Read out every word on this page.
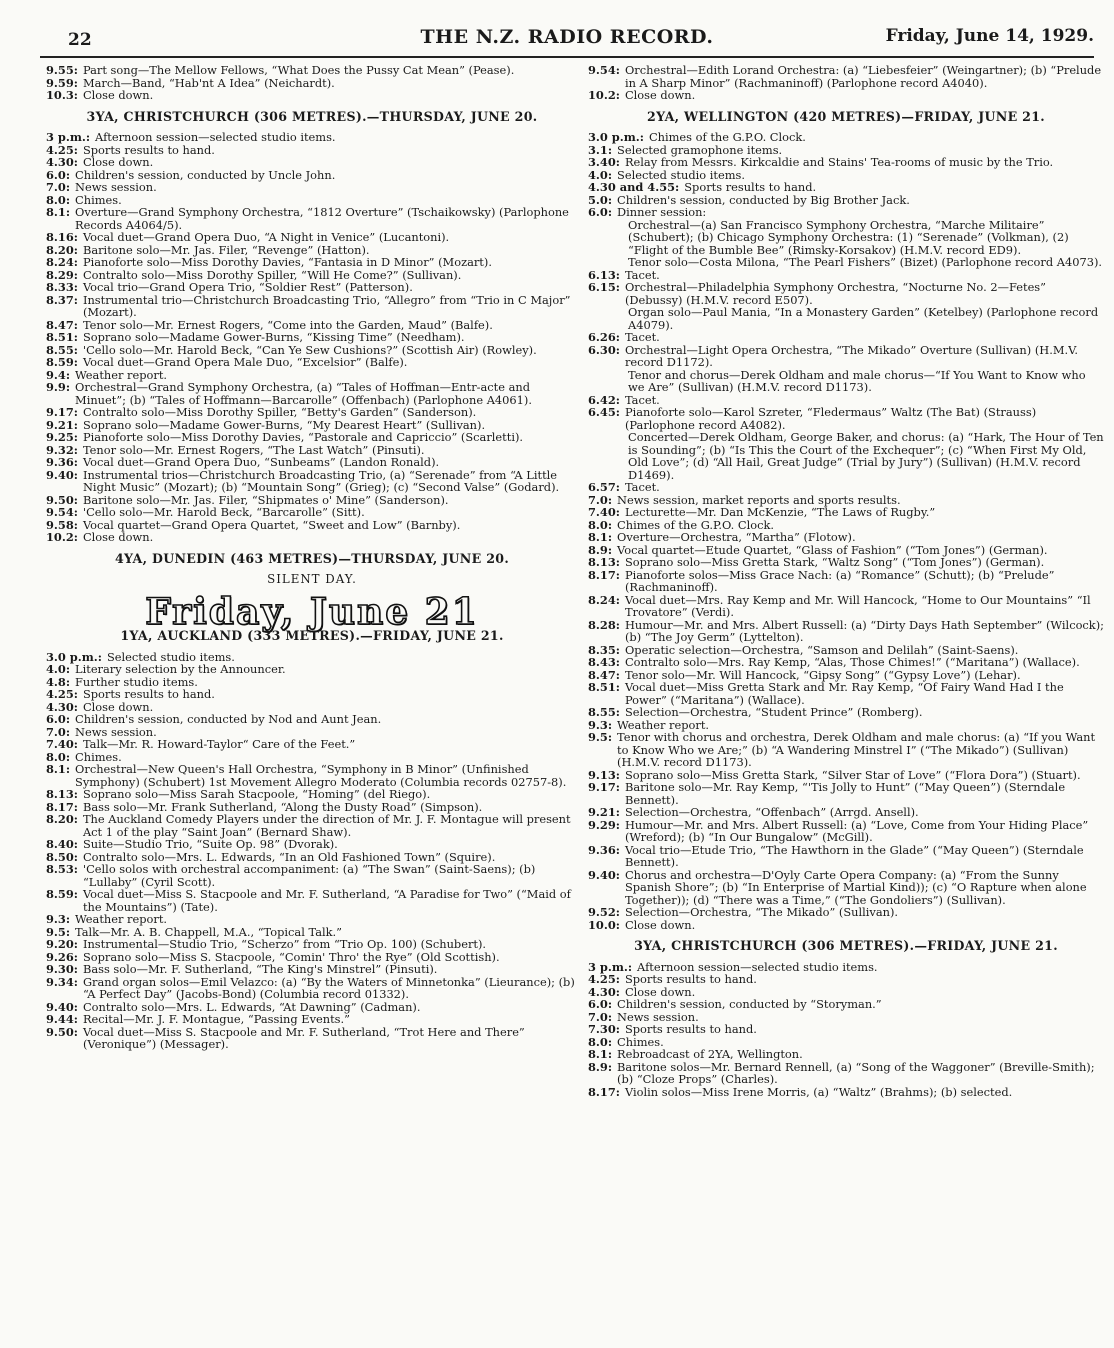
22	THE N.Z. RADIO RECORD.	Friday, June 14, 1929.
9.55: Part song—The Mellow Fellows, “What Does the Pussy Cat Mean” (Pease).
9.59: March—Band, “Hab'nt A Idea” (Neichardt).
10.3: Close down.
3YA, CHRISTCHURCH (306 METRES).—THURSDAY, JUNE 20.
3 p.m.: Afternoon session—selected studio items.
4.25: Sports results to hand.
4.30: Close down.
6.0: Children's session, conducted by Uncle John.
7.0: News session.
8.0: Chimes.
8.1: Overture—Grand Symphony Orchestra, “1812 Overture” (Tschaikowsky) (Parlophone Records A4064/5).
8.16: Vocal duet—Grand Opera Duo, “A Night in Venice” (Lucantoni).
8.20: Baritone solo—Mr. Jas. Filer, “Revenge” (Hatton).
8.24: Pianoforte solo—Miss Dorothy Davies, “Fantasia in D Minor” (Mozart).
8.29: Contralto solo—Miss Dorothy Spiller, “Will He Come?” (Sullivan).
8.33: Vocal trio—Grand Opera Trio, “Soldier Rest” (Patterson).
8.37: Instrumental trio—Christchurch Broadcasting Trio, “Allegro” from “Trio in C Major” (Mozart).
8.47: Tenor solo—Mr. Ernest Rogers, “Come into the Garden, Maud” (Balfe).
8.51: Soprano solo—Madame Gower-Burns, “Kissing Time” (Needham).
8.55: 'Cello solo—Mr. Harold Beck, “Can Ye Sew Cushions?” (Scottish Air) (Rowley).
8.59: Vocal duet—Grand Opera Male Duo, “Excelsior” (Balfe).
9.4: Weather report.
9.9: Orchestral—Grand Symphony Orchestra, (a) “Tales of Hoffman—Entr-acte and Minuet”; (b) “Tales of Hoffmann—Barcarolle” (Offenbach) (Parlophone A4061).
9.17: Contralto solo—Miss Dorothy Spiller, “Betty's Garden” (Sanderson).
9.21: Soprano solo—Madame Gower-Burns, “My Dearest Heart” (Sullivan).
9.25: Pianoforte solo—Miss Dorothy Davies, “Pastorale and Capriccio” (Scarletti).
9.32: Tenor solo—Mr. Ernest Rogers, “The Last Watch” (Pinsuti).
9.36: Vocal duet—Grand Opera Duo, “Sunbeams” (Landon Ronald).
9.40: Instrumental trios—Christchurch Broadcasting Trio, (a) “Serenade” from “A Little Night Music” (Mozart); (b) “Mountain Song” (Grieg); (c) “Second Valse” (Godard).
9.50: Baritone solo—Mr. Jas. Filer, “Shipmates o' Mine” (Sanderson).
9.54: 'Cello solo—Mr. Harold Beck, “Barcarolle” (Sitt).
9.58: Vocal quartet—Grand Opera Quartet, “Sweet and Low” (Barnby).
10.2: Close down.
4YA, DUNEDIN (463 METRES)—THURSDAY, JUNE 20.
SILENT DAY.
Friday, June 21
1YA, AUCKLAND (333 METRES).—FRIDAY, JUNE 21.
3.0 p.m.: Selected studio items.
4.0: Literary selection by the Announcer.
4.8: Further studio items.
4.25: Sports results to hand.
4.30: Close down.
6.0: Children's session, conducted by Nod and Aunt Jean.
7.0: News session.
7.40: Talk—Mr. R. Howard-Taylor“ Care of the Feet.”
8.0: Chimes.
8.1: Orchestral—New Queen's Hall Orchestra, “Symphony in B Minor” (Unfinished Symphony) (Schubert) 1st Movement Allegro Moderato (Columbia records 02757-8).
8.13: Soprano solo—Miss Sarah Stacpoole, “Homing” (del Riego).
8.17: Bass solo—Mr. Frank Sutherland, “Along the Dusty Road” (Simpson).
8.20: The Auckland Comedy Players under the direction of Mr. J. F. Montague will present Act 1 of the play “Saint Joan” (Bernard Shaw).
8.40: Suite—Studio Trio, “Suite Op. 98” (Dvorak).
8.50: Contralto solo—Mrs. L. Edwards, “In an Old Fashioned Town” (Squire).
8.53: 'Cello solos with orchestral accompaniment: (a) “The Swan” (Saint-Saens); (b) “Lullaby” (Cyril Scott).
8.59: Vocal duet—Miss S. Stacpoole and Mr. F. Sutherland, “A Paradise for Two” (“Maid of the Mountains”) (Tate).
9.3: Weather report.
9.5: Talk—Mr. A. B. Chappell, M.A., “Topical Talk.”
9.20: Instrumental—Studio Trio, “Scherzo” from “Trio Op. 100) (Schubert).
9.26: Soprano solo—Miss S. Stacpoole, “Comin' Thro' the Rye” (Old Scottish).
9.30: Bass solo—Mr. F. Sutherland, “The King's Minstrel” (Pinsuti).
9.34: Grand organ solos—Emil Velazco: (a) “By the Waters of Minnetonka” (Lieurance); (b) “A Perfect Day” (Jacobs-Bond) (Columbia record 01332).
9.40: Contralto solo—Mrs. L. Edwards, “At Dawning” (Cadman).
9.44: Recital—Mr. J. F. Montague, “Passing Events.”
9.50: Vocal duet—Miss S. Stacpoole and Mr. F. Sutherland, “Trot Here and There” (Veronique”) (Messager).
9.54: Orchestral—Edith Lorand Orchestra: (a) “Liebesfeier” (Weingartner); (b) “Prelude in A Sharp Minor” (Rachmaninoff) (Parlophone record A4040).
10.2: Close down.
2YA, WELLINGTON (420 METRES)—FRIDAY, JUNE 21.
3.0 p.m.: Chimes of the G.P.O. Clock.
3.1: Selected gramophone items.
3.40: Relay from Messrs. Kirkcaldie and Stains' Tea-rooms of music by the Trio.
4.0: Selected studio items.
4.30 and 4.55: Sports results to hand.
5.0: Children's session, conducted by Big Brother Jack.
6.0: Dinner session:
Orchestral—(a) San Francisco Symphony Orchestra, “Marche Militaire” (Schubert); (b) Chicago Symphony Orchestra: (1) “Serenade” (Volkman), (2) “Flight of the Bumble Bee” (Rimsky-Korsakov) (H.M.V. record ED9).
Tenor solo—Costa Milona, “The Pearl Fishers” (Bizet) (Parlophone record A4073).
6.13: Tacet.
6.15: Orchestral—Philadelphia Symphony Orchestra, “Nocturne No. 2—Fetes” (Debussy) (H.M.V. record E507).
Organ solo—Paul Mania, “In a Monastery Garden” (Ketelbey) (Parlophone record A4079).
6.26: Tacet.
6.30: Orchestral—Light Opera Orchestra, “The Mikado” Overture (Sullivan) (H.M.V. record D1172).
Tenor and chorus—Derek Oldham and male chorus—“If You Want to Know who we Are” (Sullivan) (H.M.V. record D1173).
6.42: Tacet.
6.45: Pianoforte solo—Karol Szreter, “Fledermaus” Waltz (The Bat) (Strauss) (Parlophone record A4082).
Concerted—Derek Oldham, George Baker, and chorus: (a) “Hark, The Hour of Ten is Sounding”; (b) “Is This the Court of the Exchequer”; (c) “When First My Old, Old Love”; (d) “All Hail, Great Judge” (Trial by Jury”) (Sullivan) (H.M.V. record D1469).
6.57: Tacet.
7.0: News session, market reports and sports results.
7.40: Lecturette—Mr. Dan McKenzie, “The Laws of Rugby.”
8.0: Chimes of the G.P.O. Clock.
8.1: Overture—Orchestra, “Martha” (Flotow).
8.9: Vocal quartet—Etude Quartet, “Glass of Fashion” (“Tom Jones”) (German).
8.13: Soprano solo—Miss Gretta Stark, “Waltz Song” (“Tom Jones”) (German).
8.17: Pianoforte solos—Miss Grace Nach: (a) “Romance” (Schutt); (b) “Prelude” (Rachmaninoff).
8.24: Vocal duet—Mrs. Ray Kemp and Mr. Will Hancock, “Home to Our Mountains” “Il Trovatore” (Verdi).
8.28: Humour—Mr. and Mrs. Albert Russell: (a) “Dirty Days Hath September” (Wilcock); (b) “The Joy Germ” (Lyttelton).
8.35: Operatic selection—Orchestra, “Samson and Delilah” (Saint-Saens).
8.43: Contralto solo—Mrs. Ray Kemp, “Alas, Those Chimes!” (“Maritana”) (Wallace).
8.47: Tenor solo—Mr. Will Hancock, “Gipsy Song” (“Gypsy Love”) (Lehar).
8.51: Vocal duet—Miss Gretta Stark and Mr. Ray Kemp, “Of Fairy Wand Had I the Power” (“Maritana”) (Wallace).
8.55: Selection—Orchestra, “Student Prince” (Romberg).
9.3: Weather report.
9.5: Tenor with chorus and orchestra, Derek Oldham and male chorus: (a) “If you Want to Know Who we Are;” (b) “A Wandering Minstrel I” (“The Mikado”) (Sullivan) (H.M.V. record D1173).
9.13: Soprano solo—Miss Gretta Stark, “Silver Star of Love” (“Flora Dora”) (Stuart).
9.17: Baritone solo—Mr. Ray Kemp, “'Tis Jolly to Hunt” (“May Queen”) (Sterndale Bennett).
9.21: Selection—Orchestra, “Offenbach” (Arrgd. Ansell).
9.29: Humour—Mr. and Mrs. Albert Russell: (a) “Love, Come from Your Hiding Place” (Wreford); (b) “In Our Bungalow” (McGill).
9.36: Vocal trio—Etude Trio, “The Hawthorn in the Glade” (“May Queen”) (Sterndale Bennett).
9.40: Chorus and orchestra—D'Oyly Carte Opera Company: (a) “From the Sunny Spanish Shore”; (b) “In Enterprise of Martial Kind)); (c) “O Rapture when alone Together)); (d) “There was a Time,” (“The Gondoliers”) (Sullivan).
9.52: Selection—Orchestra, “The Mikado” (Sullivan).
10.0: Close down.
3YA, CHRISTCHURCH (306 METRES).—FRIDAY, JUNE 21.
3 p.m.: Afternoon session—selected studio items.
4.25: Sports results to hand.
4.30: Close down.
6.0: Children's session, conducted by “Storyman.”
7.0: News session.
7.30: Sports results to hand.
8.0: Chimes.
8.1: Rebroadcast of 2YA, Wellington.
8.9: Baritone solos—Mr. Bernard Rennell, (a) “Song of the Waggoner” (Breville-Smith); (b) “Cloze Props” (Charles).
8.17: Violin solos—Miss Irene Morris, (a) “Waltz” (Brahms); (b) selected.
